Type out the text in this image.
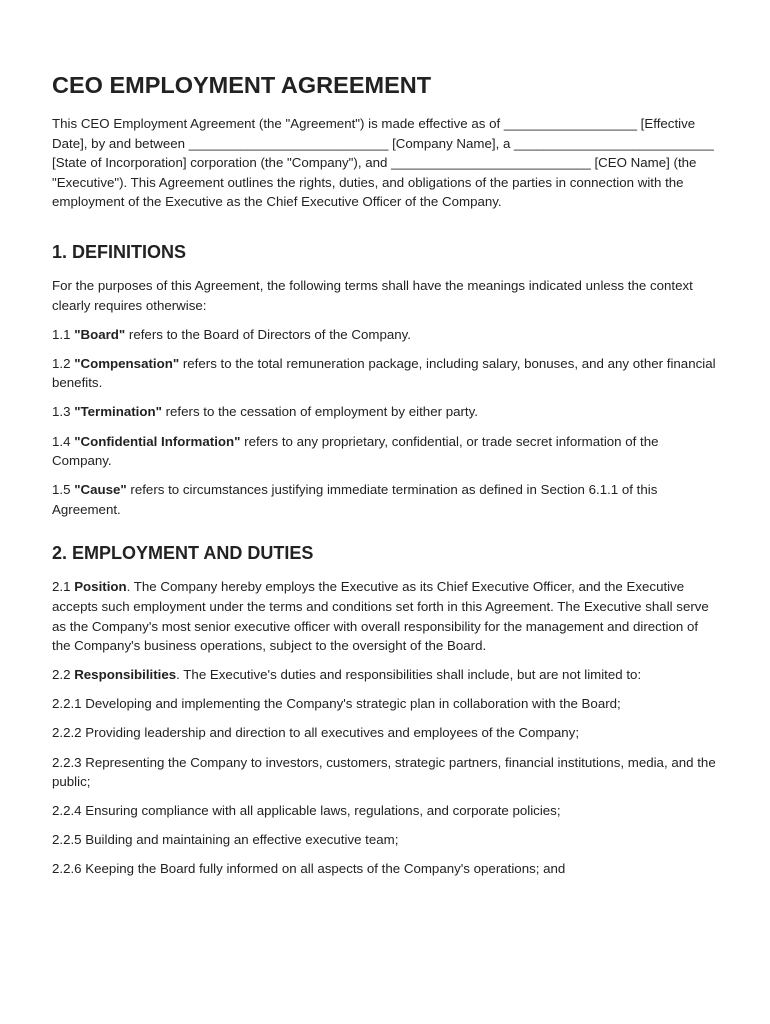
CEO EMPLOYMENT AGREEMENT

This CEO Employment Agreement (the "Agreement") is made effective as of __________________ [Effective Date], by and between ___________________________ [Company Name], a ___________________________ [State of Incorporation] corporation (the "Company"), and ___________________________ [CEO Name] (the "Executive"). This Agreement outlines the rights, duties, and obligations of the parties in connection with the employment of the Executive as the Chief Executive Officer of the Company.

1. DEFINITIONS

For the purposes of this Agreement, the following terms shall have the meanings indicated unless the context clearly requires otherwise:

1.1 "Board" refers to the Board of Directors of the Company.

1.2 "Compensation" refers to the total remuneration package, including salary, bonuses, and any other financial benefits.

1.3 "Termination" refers to the cessation of employment by either party.

1.4 "Confidential Information" refers to any proprietary, confidential, or trade secret information of the Company.

1.5 "Cause" refers to circumstances justifying immediate termination as defined in Section 6.1.1 of this Agreement.

2. EMPLOYMENT AND DUTIES

2.1 Position. The Company hereby employs the Executive as its Chief Executive Officer, and the Executive accepts such employment under the terms and conditions set forth in this Agreement. The Executive shall serve as the Company's most senior executive officer with overall responsibility for the management and direction of the Company's business operations, subject to the oversight of the Board.

2.2 Responsibilities. The Executive's duties and responsibilities shall include, but are not limited to:

2.2.1 Developing and implementing the Company's strategic plan in collaboration with the Board;

2.2.2 Providing leadership and direction to all executives and employees of the Company;

2.2.3 Representing the Company to investors, customers, strategic partners, financial institutions, media, and the public;

2.2.4 Ensuring compliance with all applicable laws, regulations, and corporate policies;

2.2.5 Building and maintaining an effective executive team;

2.2.6 Keeping the Board fully informed on all aspects of the Company's operations; and
